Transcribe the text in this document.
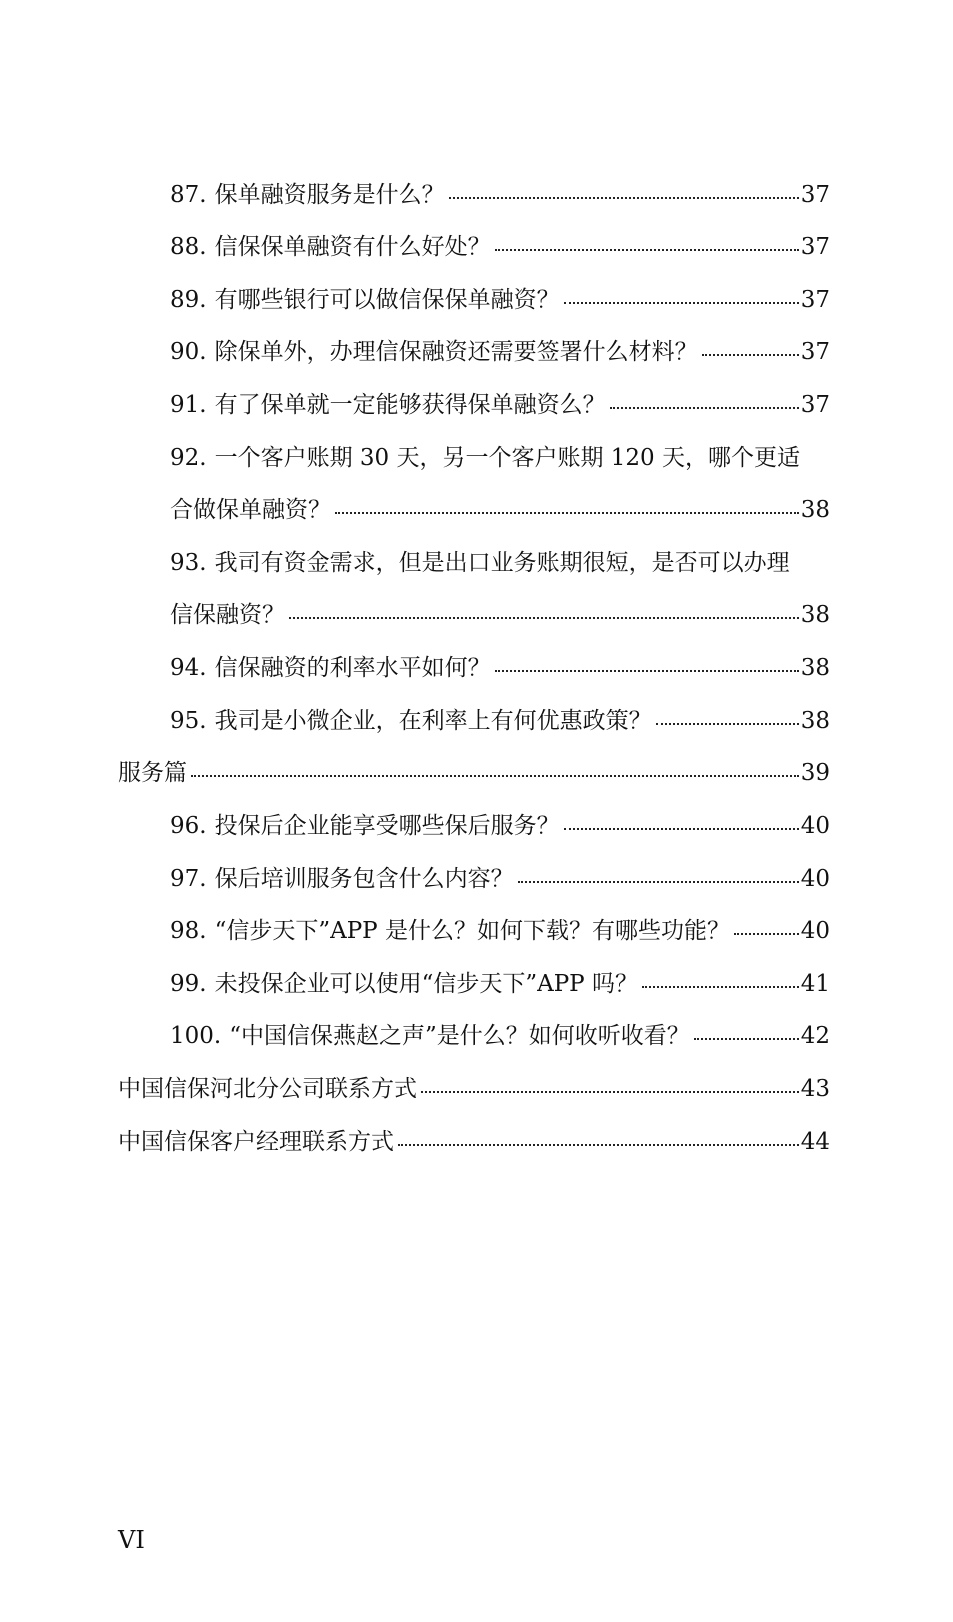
87. 保单融资服务是什么？	37
88. 信保保单融资有什么好处？	37
89. 有哪些银行可以做信保保单融资？	37
90. 除保单外，办理信保融资还需要签署什么材料？	37
91. 有了保单就一定能够获得保单融资么？	37
92. 一个客户账期 30 天，另一个客户账期 120 天，哪个更适
合做保单融资？	38
93. 我司有资金需求，但是出口业务账期很短，是否可以办理
信保融资？	38
94. 信保融资的利率水平如何？	38
95. 我司是小微企业，在利率上有何优惠政策？	38
服务篇	39
96. 投保后企业能享受哪些保后服务？	40
97. 保后培训服务包含什么内容？	40
98. “信步天下”APP 是什么？如何下载？有哪些功能？	40
99. 未投保企业可以使用“信步天下”APP 吗？	41
100. “中国信保燕赵之声”是什么？如何收听收看？	42
中国信保河北分公司联系方式	43
中国信保客户经理联系方式	44
VI
